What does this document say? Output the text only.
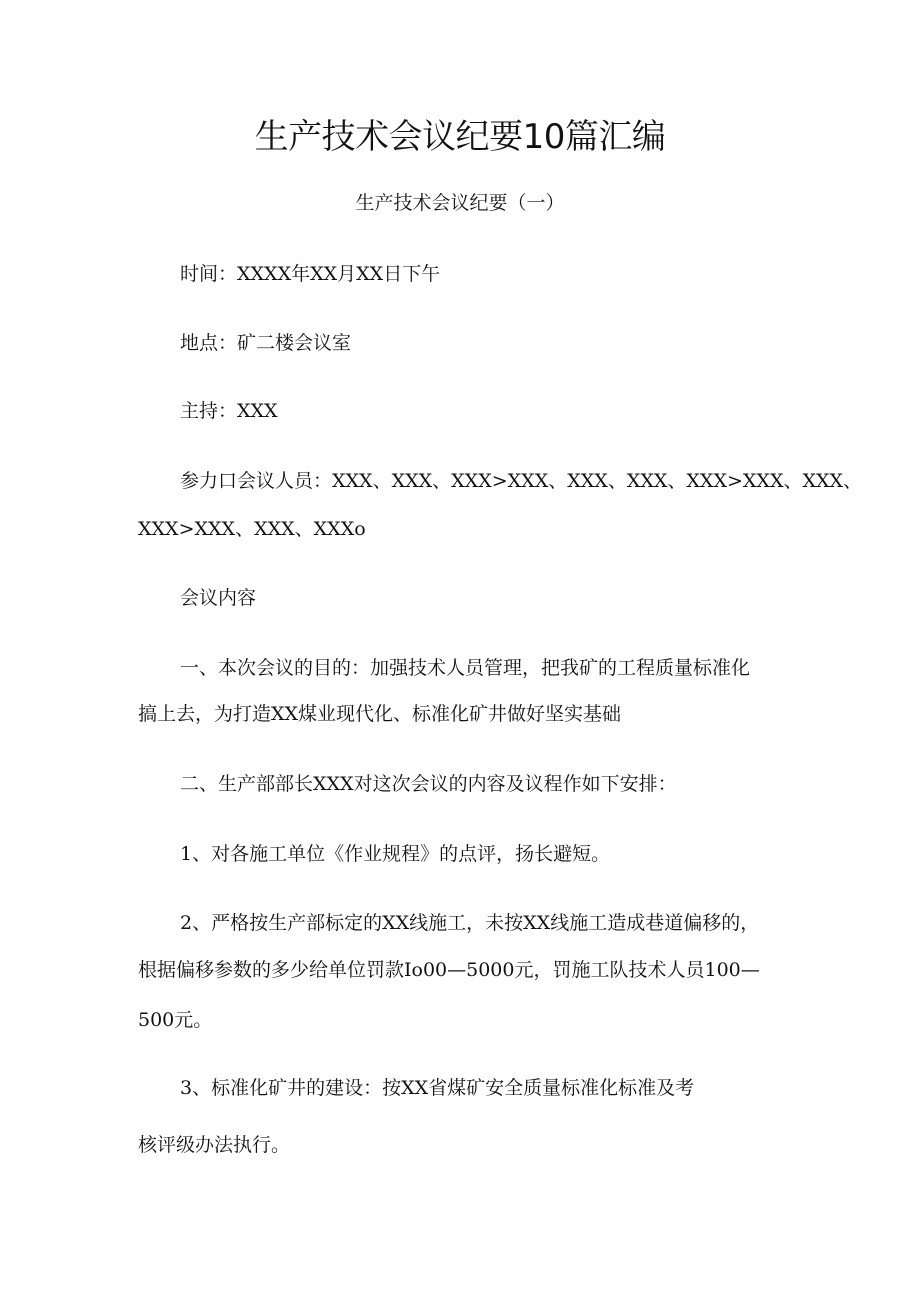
生产技术会议纪要10篇汇编

生产技术会议纪要（一）

时间：XXXX年XX月XX日下午

地点：矿二楼会议室

主持：XXX

参力口会议人员：XXX、XXX、XXX>XXX、XXX、XXX、XXX>XXX、XXX、

XXX>XXX、XXX、XXXo

会议内容

一、本次会议的目的：加强技术人员管理，把我矿的工程质量标准化

搞上去，为打造XX煤业现代化、标准化矿井做好坚实基础

二、生产部部长XXX对这次会议的内容及议程作如下安排：

1、对各施工单位《作业规程》的点评，扬长避短。

2、严格按生产部标定的XX线施工，未按XX线施工造成巷道偏移的，

根据偏移参数的多少给单位罚款Io00—5000元，罚施工队技术人员100—

500元。

3、标准化矿井的建设：按XX省煤矿安全质量标准化标准及考

核评级办法执行。
